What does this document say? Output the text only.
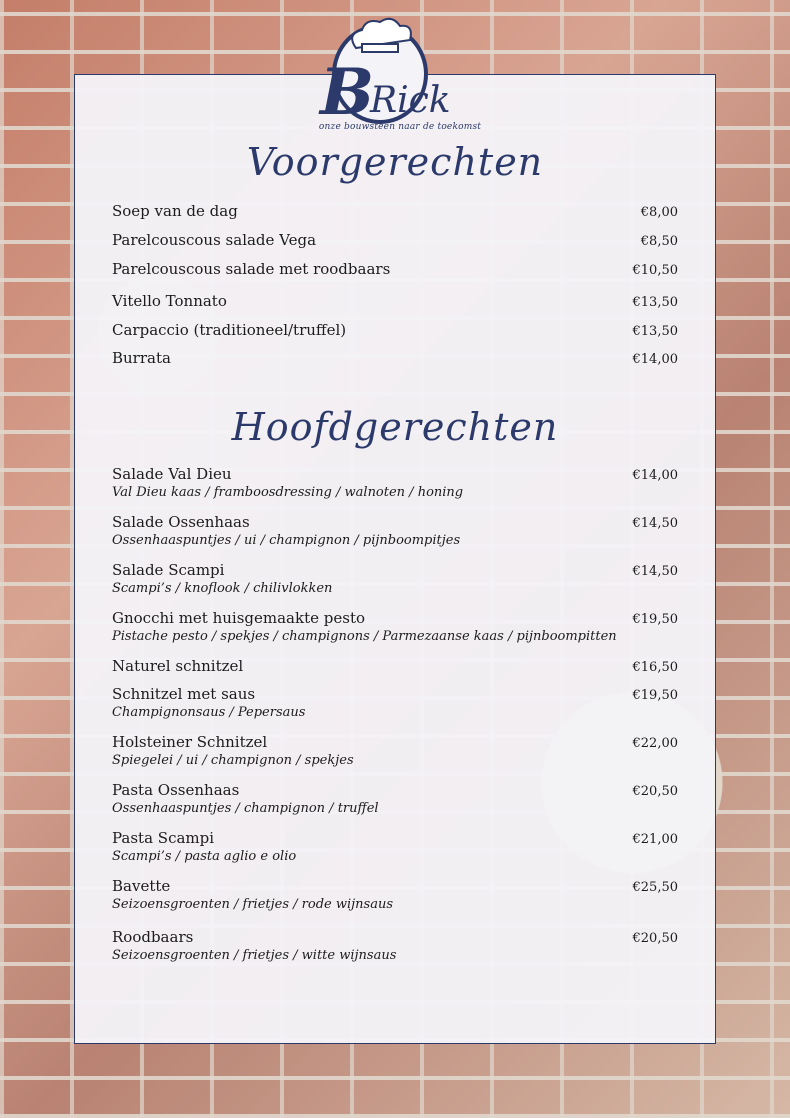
B
Rick
onze bouwsteen naar de toekomst
Voorgerechten
Soep van de dag	€8,00
Parelcouscous salade Vega	€8,50
Parelcouscous salade met roodbaars	€10,50
Vitello Tonnato	€13,50
Carpaccio (traditioneel/truffel)	€13,50
Burrata	€14,00
Hoofdgerechten
Salade Val Dieu	€14,00
Val Dieu kaas / framboosdressing / walnoten / honing
Salade Ossenhaas	€14,50
Ossenhaaspuntjes / ui / champignon / pijnboompitjes
Salade Scampi	€14,50
Scampi’s / knoflook / chilivlokken
Gnocchi met huisgemaakte pesto	€19,50
Pistache pesto / spekjes / champignons / Parmezaanse kaas / pijnboompitten
Naturel schnitzel	€16,50
Schnitzel met saus	€19,50
Champignonsaus / Pepersaus
Holsteiner Schnitzel	€22,00
Spiegelei / ui / champignon / spekjes
Pasta Ossenhaas	€20,50
Ossenhaaspuntjes / champignon / truffel
Pasta Scampi	€21,00
Scampi’s / pasta aglio e olio
Bavette	€25,50
Seizoensgroenten / frietjes / rode wijnsaus
Roodbaars	€20,50
Seizoensgroenten / frietjes / witte wijnsaus
